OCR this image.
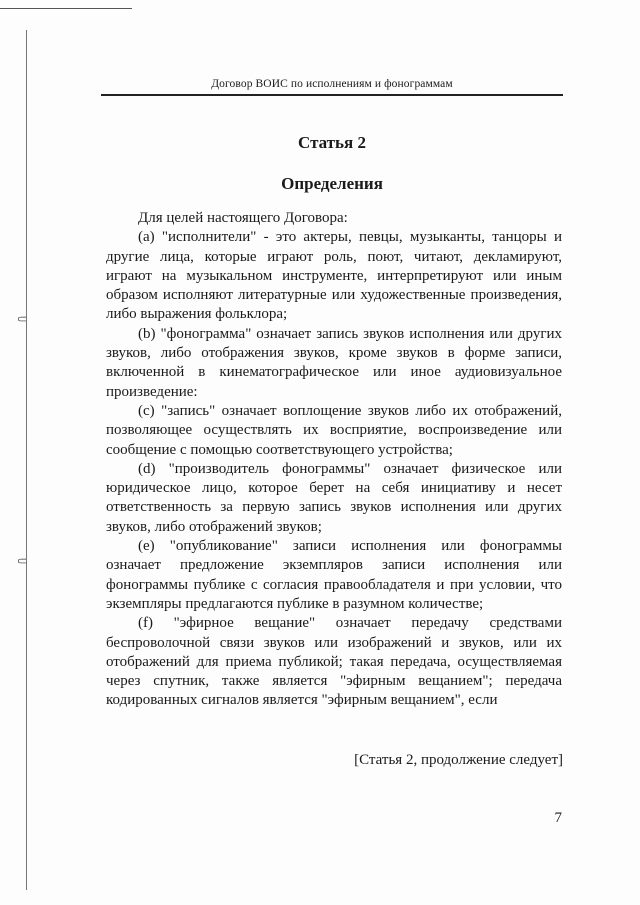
⸦
⸦
Договор ВОИС по исполнениям и фонограммам
Статья 2
Определения

Для целей настоящего Договора:

(a) "исполнители" - это актеры, певцы, музыканты, танцоры и другие лица, которые играют роль, поют, читают, декламируют, играют на музыкальном инструменте, интерпретируют или иным образом исполняют литературные или художественные произведения, либо выражения фольклора;

(b) "фонограмма" означает запись звуков исполнения или других звуков, либо отображения звуков, кроме звуков в форме записи, включенной в кинематографическое или иное аудиовизуальное произведение:

(c) "запись" означает воплощение звуков либо их отображений, позволяющее осуществлять их восприятие, воспроизведение или сообщение с помощью соответствующего устройства;

(d) "производитель фонограммы" означает физическое или юридическое лицо, которое берет на себя инициативу и несет ответственность за первую запись звуков исполнения или других звуков, либо отображений звуков;

(e) "опубликование" записи исполнения или фонограммы означает предложение экземпляров записи исполнения или фонограммы публике с согласия правообладателя и при условии, что экземпляры предлагаются публике в разумном количестве;

(f) "эфирное вещание" означает передачу средствами беспроволочной связи звуков или изображений и звуков, или их отображений для приема публикой; такая передача, осуществляемая через спутник, также является "эфирным вещанием"; передача кодированных сигналов является "эфирным вещанием", если

[Статья 2, продолжение следует]
7
